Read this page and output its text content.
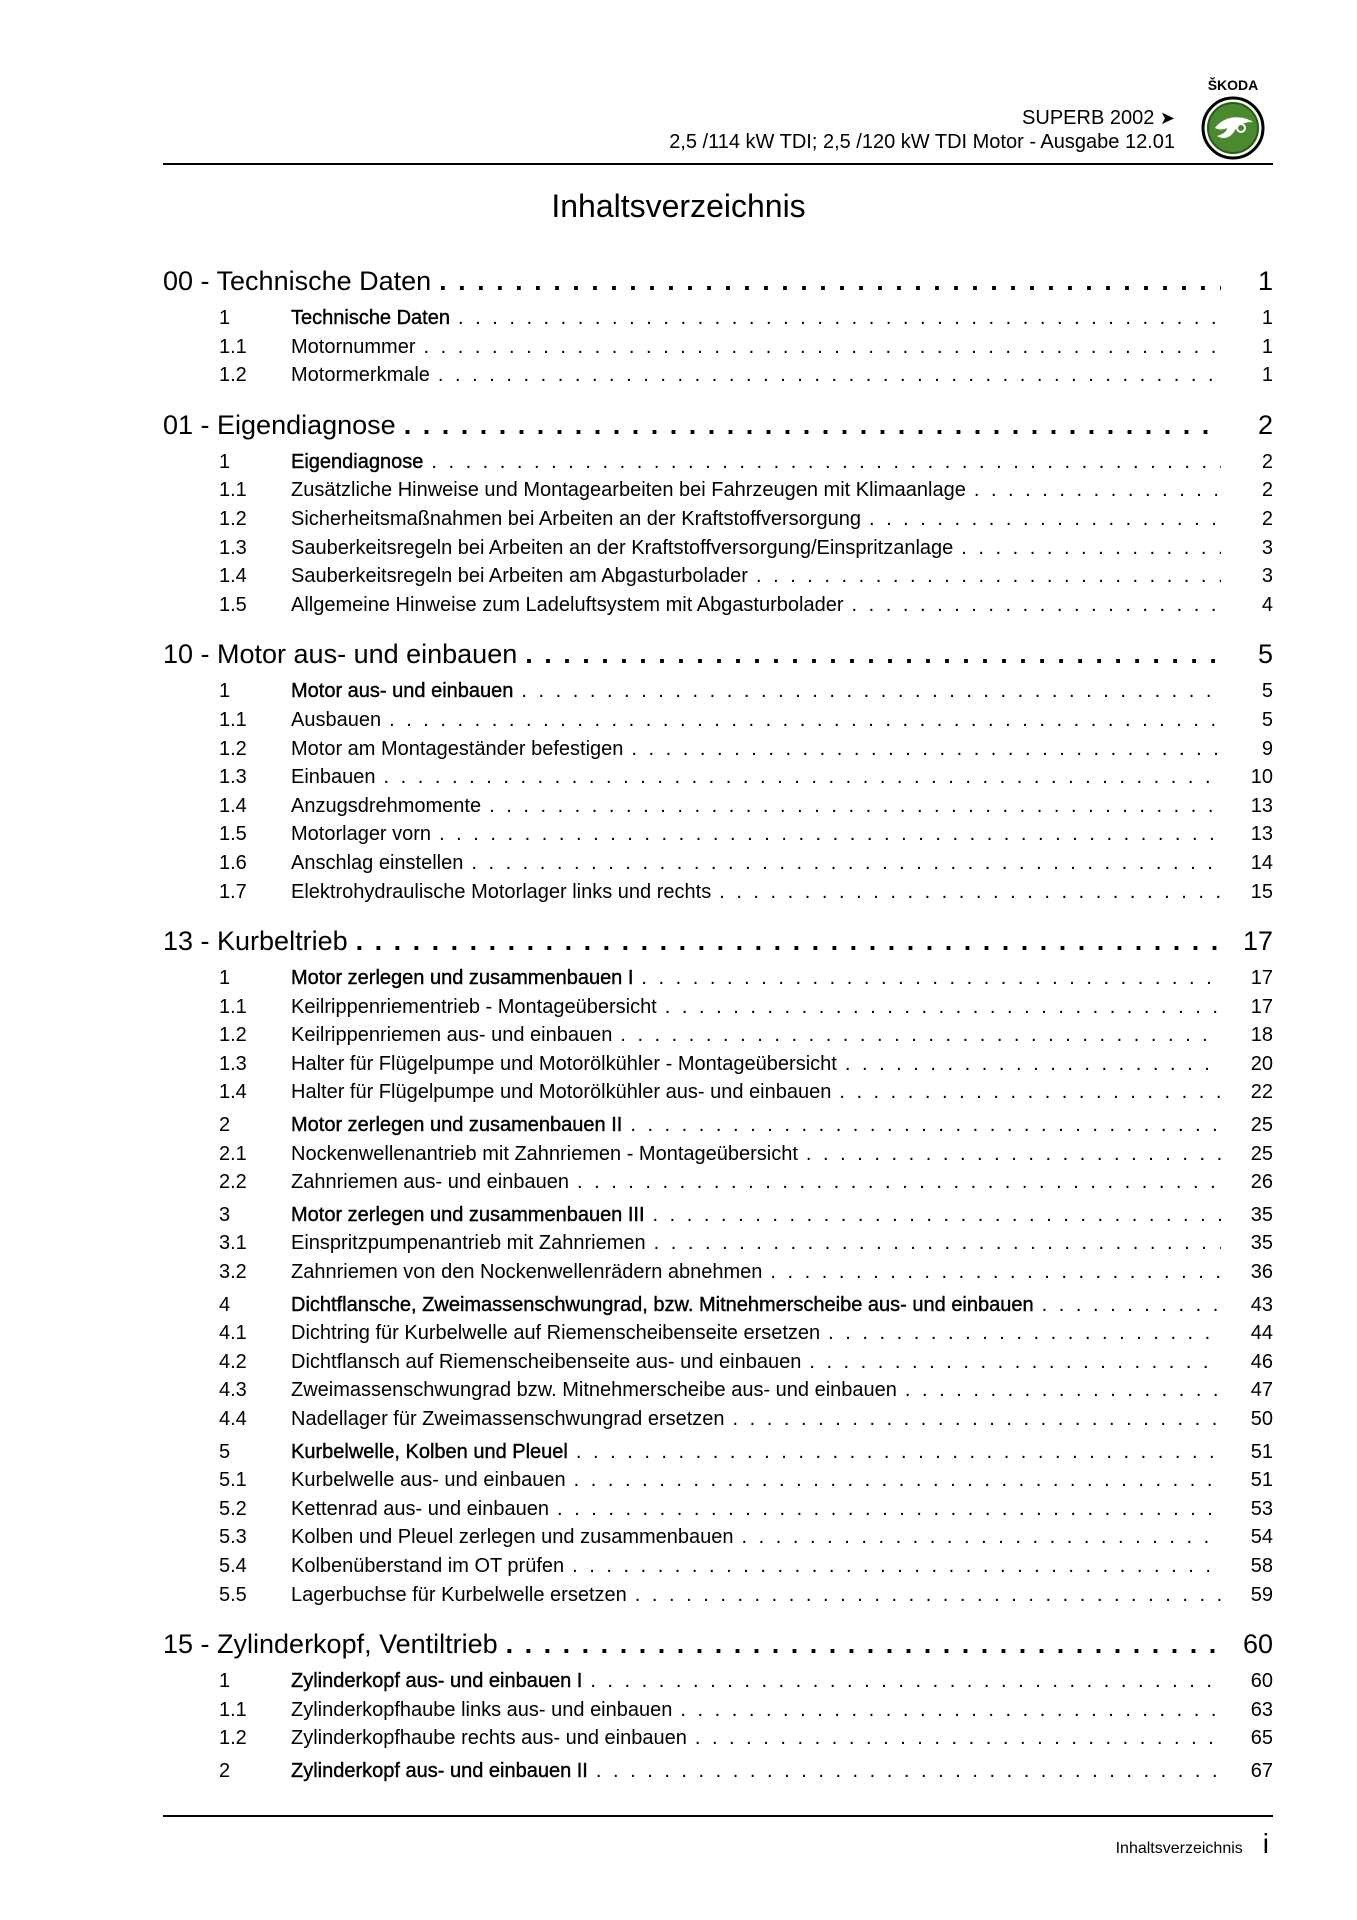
SUPERB 2002 ➤
2,5 /114 kW TDI; 2,5 /120 kW TDI Motor - Ausgabe 12.01
ŠKODA
Inhaltsverzeichnis
00 - Technische Daten . . .	1
1	Technische Daten . . .	1
1.1	Motornummer . . .	1
1.2	Motormerkmale . . .	1
01 - Eigendiagnose . . .	2
1	Eigendiagnose . . .	2
1.1	Zusätzliche Hinweise und Montagearbeiten bei Fahrzeugen mit Klimaanlage . . .	2
1.2	Sicherheitsmaßnahmen bei Arbeiten an der Kraftstoffversorgung . . .	2
1.3	Sauberkeitsregeln bei Arbeiten an der Kraftstoffversorgung/Einspritzanlage . . .	3
1.4	Sauberkeitsregeln bei Arbeiten am Abgasturbolader . . .	3
1.5	Allgemeine Hinweise zum Ladeluftsystem mit Abgasturbolader . . .	4
10 - Motor aus- und einbauen . . .	5
1	Motor aus- und einbauen . . .	5
1.1	Ausbauen . . .	5
1.2	Motor am Montageständer befestigen . . .	9
1.3	Einbauen . . .	10
1.4	Anzugsdrehmomente . . .	13
1.5	Motorlager vorn . . .	13
1.6	Anschlag einstellen . . .	14
1.7	Elektrohydraulische Motorlager links und rechts . . .	15
13 - Kurbeltrieb . . .	17
1	Motor zerlegen und zusammenbauen I . . .	17
1.1	Keilrippenriementrieb - Montageübersicht . . .	17
1.2	Keilrippenriemen aus- und einbauen . . .	18
1.3	Halter für Flügelpumpe und Motorölkühler - Montageübersicht . . .	20
1.4	Halter für Flügelpumpe und Motorölkühler aus- und einbauen . . .	22
2	Motor zerlegen und zusamenbauen II . . .	25
2.1	Nockenwellenantrieb mit Zahnriemen - Montageübersicht . . .	25
2.2	Zahnriemen aus- und einbauen . . .	26
3	Motor zerlegen und zusammenbauen III . . .	35
3.1	Einspritzpumpenantrieb mit Zahnriemen . . .	35
3.2	Zahnriemen von den Nockenwellenrädern abnehmen . . .	36
4	Dichtflansche, Zweimassenschwungrad, bzw. Mitnehmerscheibe aus- und einbauen . . .	43
4.1	Dichtring für Kurbelwelle auf Riemenscheibenseite ersetzen . . .	44
4.2	Dichtflansch auf Riemenscheibenseite aus- und einbauen . . .	46
4.3	Zweimassenschwungrad bzw. Mitnehmerscheibe aus- und einbauen . . .	47
4.4	Nadellager für Zweimassenschwungrad ersetzen . . .	50
5	Kurbelwelle, Kolben und Pleuel . . .	51
5.1	Kurbelwelle aus- und einbauen . . .	51
5.2	Kettenrad aus- und einbauen . . .	53
5.3	Kolben und Pleuel zerlegen und zusammenbauen . . .	54
5.4	Kolbenüberstand im OT prüfen . . .	58
5.5	Lagerbuchse für Kurbelwelle ersetzen . . .	59
15 - Zylinderkopf, Ventiltrieb . . .	60
1	Zylinderkopf aus- und einbauen I . . .	60
1.1	Zylinderkopfhaube links aus- und einbauen . . .	63
1.2	Zylinderkopfhaube rechts aus- und einbauen . . .	65
2	Zylinderkopf aus- und einbauen II . . .	67
Inhaltsverzeichnis i
